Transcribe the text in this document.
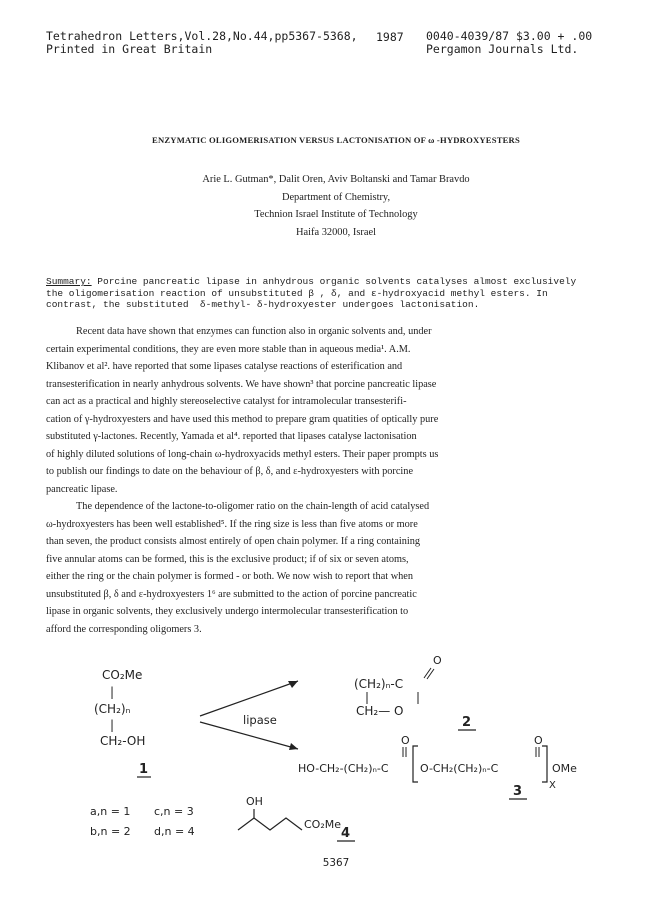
Tetrahedron Letters,Vol.28,No.44,pp5367-5368,
Printed in Great Britain
1987 0040-4039/87 $3.00 + .00
Pergamon Journals Ltd.
ENZYMATIC OLIGOMERISATION VERSUS LACTONISATION OF ω -HYDROXYESTERS
Arie L. Gutman*, Dalit Oren, Aviv Boltanski and Tamar Bravdo
Department of Chemistry,
Technion Israel Institute of Technology
Haifa 32000, Israel
Summary: Porcine pancreatic lipase in anhydrous organic solvents catalyses almost exclusively
the oligomerisation reaction of unsubstituted β , δ, and ε-hydroxyacid methyl esters. In
contrast, the substituted  δ-methyl- δ-hydroxyester undergoes lactonisation.
Recent data have shown that enzymes can function also in organic solvents and, under
certain experimental conditions, they are even more stable than in aqueous media¹. A.M.
Klibanov et al². have reported that some lipases catalyse reactions of esterification and
transesterification in nearly anhydrous solvents. We have shown³ that porcine pancreatic lipase
can act as a practical and highly stereoselective catalyst for intramolecular transesterifi-
cation of γ-hydroxyesters and have used this method to prepare gram quatities of optically pure
substituted γ-lactones. Recently, Yamada et al⁴. reported that lipases catalyse lactonisation
of highly diluted solutions of long-chain ω-hydroxyacids methyl esters. Their paper prompts us
to publish our findings to date on the behaviour of β, δ, and ε-hydroxyesters with porcine
pancreatic lipase.
The dependence of the lactone-to-oligomer ratio on the chain-length of acid catalysed
ω-hydroxyesters has been well established⁵. If the ring size is less than five atoms or more
than seven, the product consists almost entirely of open chain polymer. If a ring containing
five annular atoms can be formed, this is the exclusive product; if of six or seven atoms,
either the ring or the chain polymer is formed - or both. We now wish to report that when
unsubstituted β, δ and ε-hydroxyesters 1⁶ are submitted to the action of porcine pancreatic
lipase in organic solvents, they exclusively undergo intermolecular transesterification to
afford the corresponding oligomers 3.
CO₂Me
|
(CH₂)ₙ
|
CH₂-OH
1
lipase
O
(CH₂)ₙ-C
CH₂— O
2
O	O
HO-CH₂-(CH₂)ₙ-C	O-CH₂(CH₂)ₙ-C	OMe
X
3
a,n = 1 c,n = 3
b,n = 2 d,n = 4
OH
CO₂Me
4
5367
